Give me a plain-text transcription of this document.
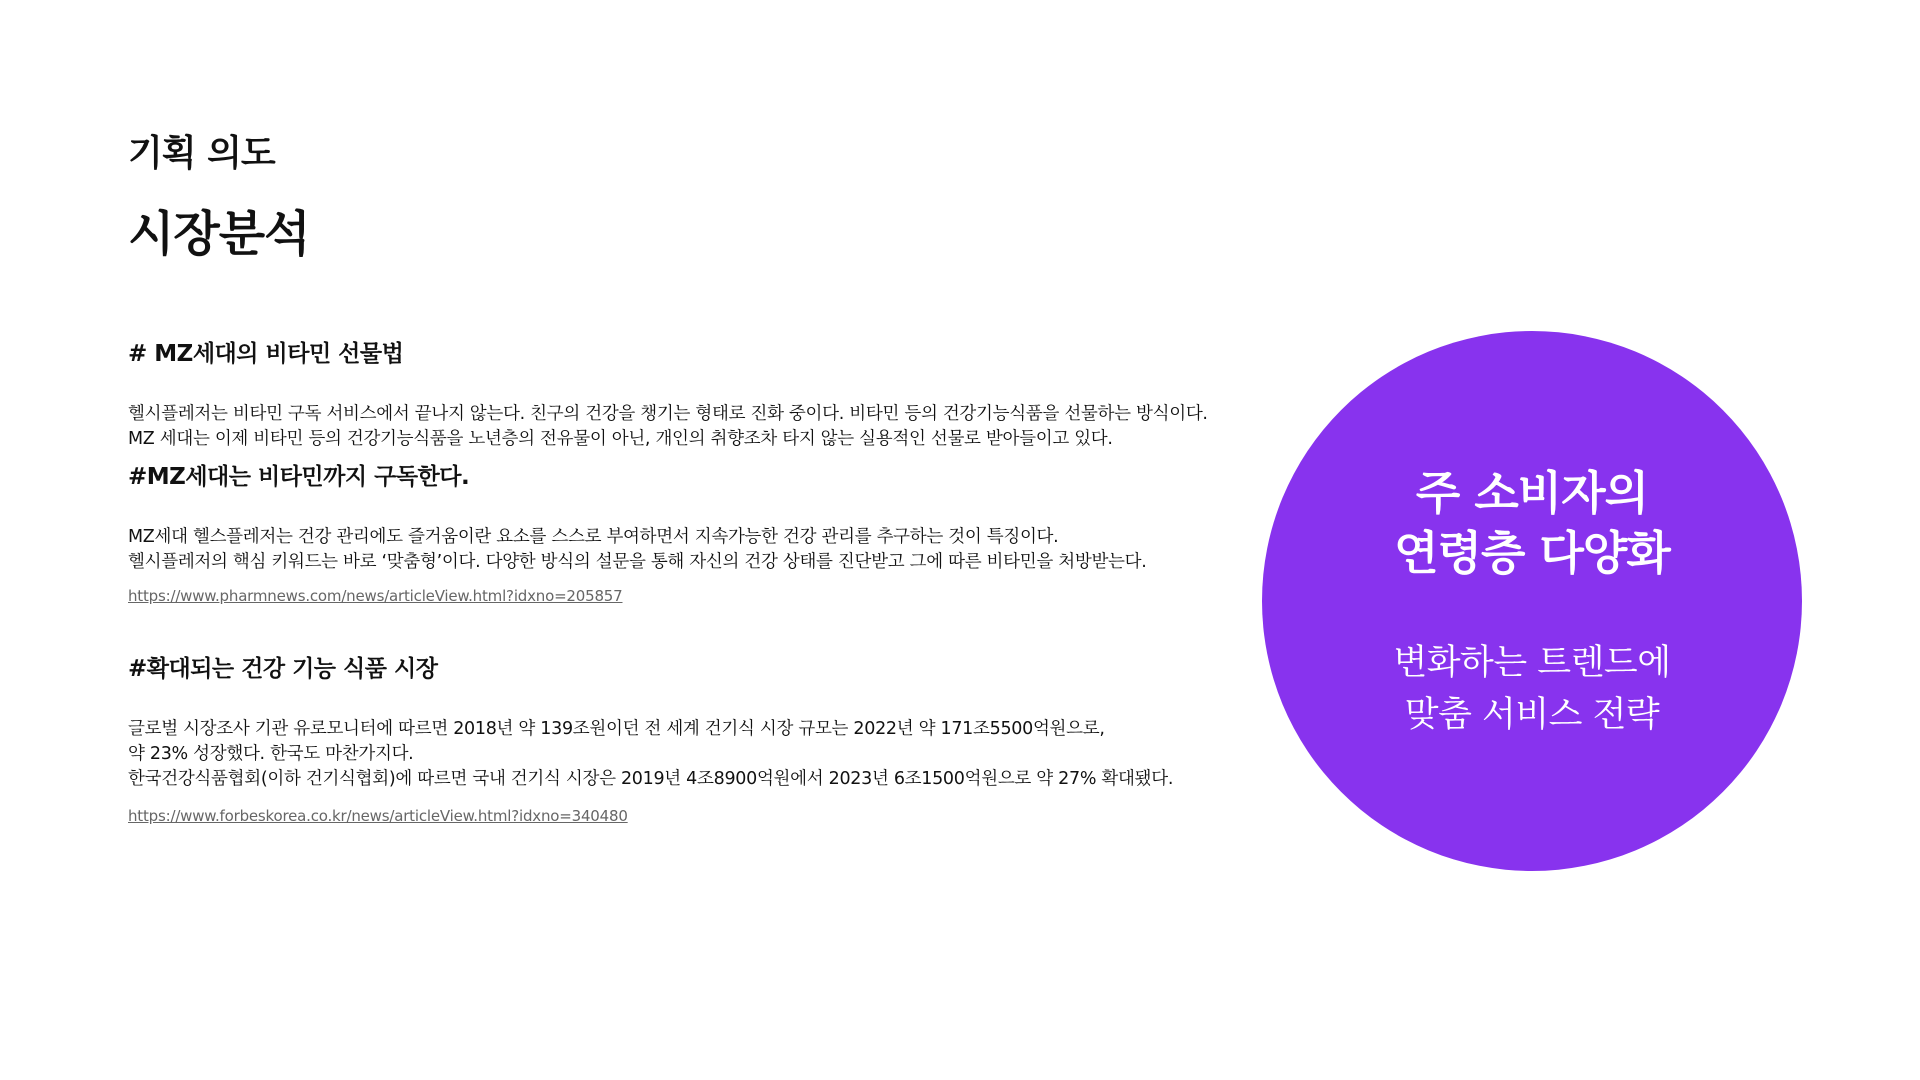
기획 의도
시장분석
# MZ세대의 비타민 선물법

헬시플레저는 비타민 구독 서비스에서 끝나지 않는다. 친구의 건강을 챙기는 형태로 진화 중이다. 비타민 등의 건강기능식품을 선물하는 방식이다.

MZ 세대는 이제 비타민 등의 건강기능식품을 노년층의 전유물이 아닌, 개인의 취향조차 타지 않는 실용적인 선물로 받아들이고 있다.

#MZ세대는 비타민까지 구독한다.

MZ세대 헬스플레저는 건강 관리에도 즐거움이란 요소를 스스로 부여하면서 지속가능한 건강 관리를 추구하는 것이 특징이다.

헬시플레저의 핵심 키워드는 바로 ‘맞춤형’이다. 다양한 방식의 설문을 통해 자신의 건강 상태를 진단받고 그에 따른 비타민을 처방받는다.

https://www.pharmnews.com/news/articleView.html?idxno=205857
#확대되는 건강 기능 식품 시장

글로벌 시장조사 기관 유로모니터에 따르면 2018년 약 139조원이던 전 세계 건기식 시장 규모는 2022년 약 171조5500억원으로,

약 23% 성장했다. 한국도 마찬가지다.

한국건강식품협회(이하 건기식협회)에 따르면 국내 건기식 시장은 2019년 4조8900억원에서 2023년 6조1500억원으로 약 27% 확대됐다.

https://www.forbeskorea.co.kr/news/articleView.html?idxno=340480
주 소비자의
연령층 다양화
변화하는 트렌드에
맞춤 서비스 전략
